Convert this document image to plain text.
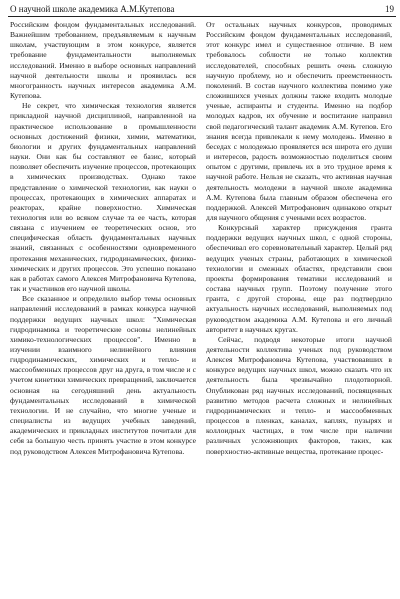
О научной школе академика А.М.Кутепова	19

Российским фондом фундаментальных исследований. Важнейшим требованием, предъявляемым к научным школам, участвующим в этом конкурсе, является требование фундаментальности выполняемых исследований. Именно в выборе основных направлений научной деятельности школы и проявилась вся многогранность научных интересов академика А.М. Кутепова.

Не секрет, что химическая технология является прикладной научной дисциплиной, направленной на практическое использование в промышленности основных достижений физики, химии, математики, биологии и других фундаментальных направлений науки. Они как бы составляют ее базис, который позволяет обеспечить изучение процессов, протекающих в химических производствах. Однако такое представление о химической технологии, как науки о процессах, протекающих в химических аппаратах и реакторах, крайне поверхностно. Химическая технология или во всяком случае та ее часть, которая связана с изучением ее теоретических основ, это специфическая область фундаментальных научных знаний, связанных с особенностями одновременного протекания механических, гидродинамических, физико-химических и других процессов. Это успешно показано как в работах самого Алексея Митрофановича Кутепова, так и участников его научной школы.

Все сказанное и определило выбор темы основных направлений исследований в рамках конкурса научной поддержки ведущих научных школ: "Химическая гидродинамика и теоретические основы нелинейных химико-технологических процессов". Именно в изучении взаимного нелинейного влияния гидродинамических, химических и тепло- и массообменных процессов друг на друга, в том числе и с учетом кинетики химических превращений, заключается основная на сегодняшний день актуальность фундаментальных исследований в химической технологии. И не случайно, что многие ученые и специалисты из ведущих учебных заведений, академических и прикладных институтов почитали для себя за большую честь принять участие в этом конкурсе под руководством Алексея Митрофановича Кутепова.

От остальных научных конкурсов, проводимых Российским фондом фундаментальных исследований, этот конкурс имел и существенное отличие. В нем требовалось соблюсти не только коллектив исследователей, способных решить очень сложную научную проблему, но и обеспечить преемственность поколений. В состав научного коллектива помимо уже сложившихся ученых должны также входить молодые ученые, аспиранты и студенты. Именно на подбор молодых кадров, их обучение и воспитание направил свой педагогический талант академик А.М. Кутепов. Его знания всегда привлекали к нему молодежь. Именно в беседах с молодежью проявляется вся широта его души и интересов, радость возможностью поделиться своим опытом с другими, привлечь их в это трудное время к научной работе. Нельзя не сказать, что активная научная деятельность молодежи в научной школе академика А.М. Кутепова была главным образом обеспечена его поддержкой. Алексей Митрофанович одинаково открыт для научного общения с учеными всех возрастов.

Конкурсный характер присуждения гранта поддержки ведущих научных школ, с одной стороны, обеспечивал его соревновательный характер. Целый ряд ведущих ученых страны, работающих в химической технологии и смежных областях, представили свои проекты формирования тематики исследований и состава научных групп. Поэтому получение этого гранта, с другой стороны, еще раз подтвердило актуальность научных исследований, выполняемых под руководством академика А.М. Кутепова и его личный авторитет в научных кругах.

Сейчас, подводя некоторые итоги научной деятельности коллектива ученых под руководством Алексея Митрофановича Кутепова, участвовавших в конкурсе ведущих научных школ, можно сказать что их деятельность была чрезвычайно плодотворной. Опубликован ряд научных исследований, посвященных развитию методов расчета сложных и нелинейных гидродинамических и тепло- и массообменных процессов в пленках, каналах, каплях, пузырях и коллоидных частицах, в том числе при наличии различных усложняющих факторов, таких, как поверхностно-активные вещества, протекание процес-
